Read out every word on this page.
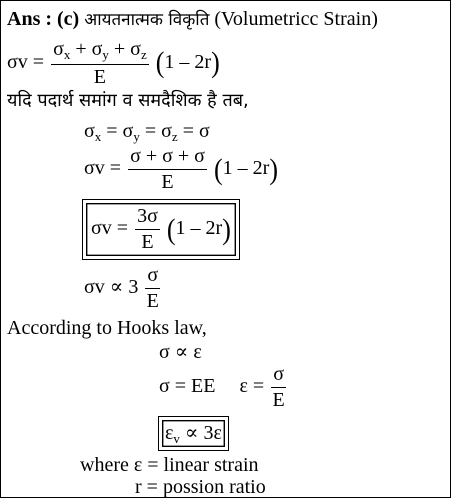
Ans : (c) आयतनात्मक विकृति (Volumetricc Strain)
$\sigma v = \frac{\sigma_x + \sigma_y + \sigma_z}{E} (1 - 2r)$
यदि पदार्थ समांग व समदैशिक है तब,
$\sigma_x = \sigma_y = \sigma_z = \sigma$
$\sigma v = \frac{\sigma + \sigma + \sigma}{E} (1 - 2r)$
$\sigma v = \frac{3\sigma}{E} (1 - 2r)$
$\sigma v \propto 3 \frac{\sigma}{E}$
According to Hooks law,
σ ∝ ε
σ = EE $\varepsilon = \frac{\sigma}{E}$
$\varepsilon_v \propto 3\varepsilon$
where ε = linear strain
r = possion ratio
